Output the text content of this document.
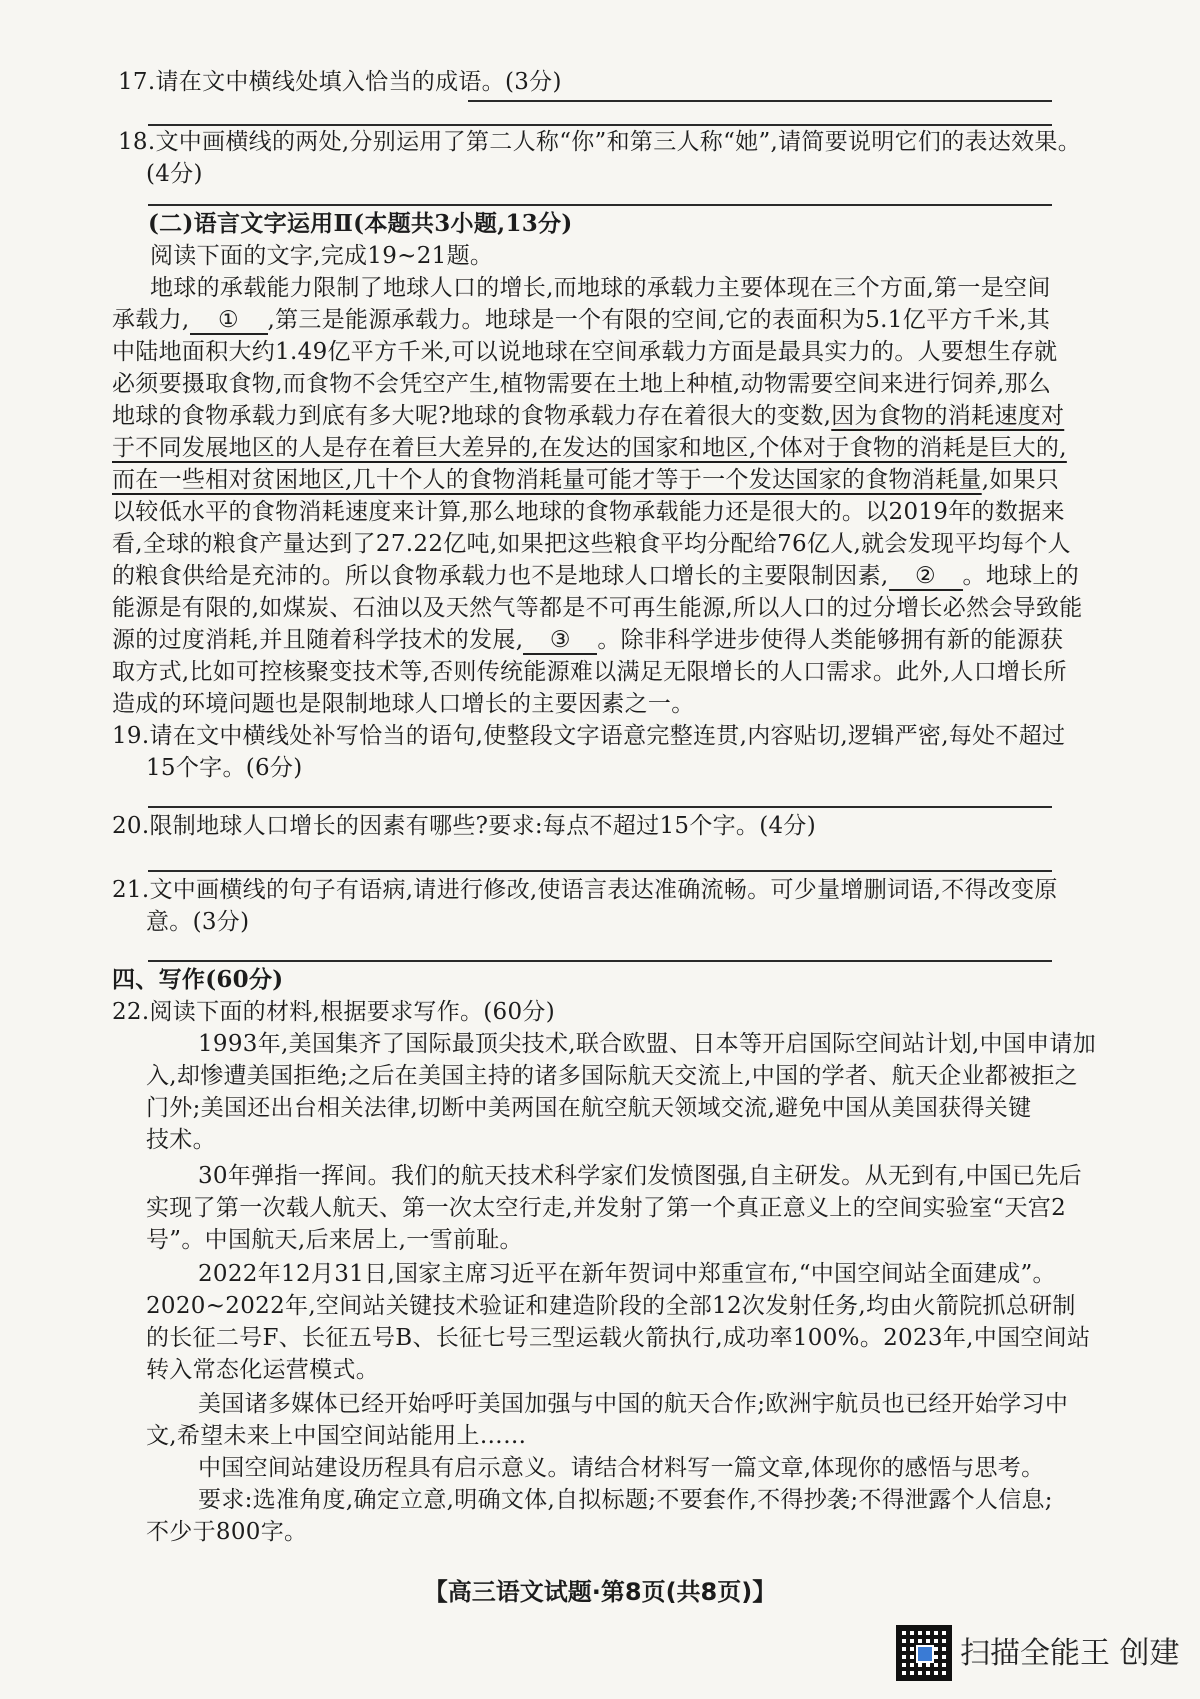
17.请在文中横线处填入恰当的成语。(3分)
18.文中画横线的两处,分别运用了第二人称“你”和第三人称“她”,请简要说明它们的表达效果。
(4分)
(二)语言文字运用Ⅱ(本题共3小题,13分)
阅读下面的文字,完成19~21题。
地球的承载能力限制了地球人口的增长,而地球的承载力主要体现在三个方面,第一是空间
承载力, ① ,第三是能源承载力。地球是一个有限的空间,它的表面积为5.1亿平方千米,其
中陆地面积大约1.49亿平方千米,可以说地球在空间承载力方面是最具实力的。人要想生存就
必须要摄取食物,而食物不会凭空产生,植物需要在土地上种植,动物需要空间来进行饲养,那么
地球的食物承载力到底有多大呢?地球的食物承载力存在着很大的变数,因为食物的消耗速度对
于不同发展地区的人是存在着巨大差异的,在发达的国家和地区,个体对于食物的消耗是巨大的,
而在一些相对贫困地区,几十个人的食物消耗量可能才等于一个发达国家的食物消耗量,如果只
以较低水平的食物消耗速度来计算,那么地球的食物承载能力还是很大的。以2019年的数据来
看,全球的粮食产量达到了27.22亿吨,如果把这些粮食平均分配给76亿人,就会发现平均每个人
的粮食供给是充沛的。所以食物承载力也不是地球人口增长的主要限制因素, ② 。地球上的
能源是有限的,如煤炭、石油以及天然气等都是不可再生能源,所以人口的过分增长必然会导致能
源的过度消耗,并且随着科学技术的发展, ③ 。除非科学进步使得人类能够拥有新的能源获
取方式,比如可控核聚变技术等,否则传统能源难以满足无限增长的人口需求。此外,人口增长所
造成的环境问题也是限制地球人口增长的主要因素之一。
19.请在文中横线处补写恰当的语句,使整段文字语意完整连贯,内容贴切,逻辑严密,每处不超过
15个字。(6分)
20.限制地球人口增长的因素有哪些?要求:每点不超过15个字。(4分)
21.文中画横线的句子有语病,请进行修改,使语言表达准确流畅。可少量增删词语,不得改变原
意。(3分)
四、写作(60分)
22.阅读下面的材料,根据要求写作。(60分)
1993年,美国集齐了国际最顶尖技术,联合欧盟、日本等开启国际空间站计划,中国申请加
入,却惨遭美国拒绝;之后在美国主持的诸多国际航天交流上,中国的学者、航天企业都被拒之
门外;美国还出台相关法律,切断中美两国在航空航天领域交流,避免中国从美国获得关键
技术。
30年弹指一挥间。我们的航天技术科学家们发愤图强,自主研发。从无到有,中国已先后
实现了第一次载人航天、第一次太空行走,并发射了第一个真正意义上的空间实验室“天宫2
号”。中国航天,后来居上,一雪前耻。
2022年12月31日,国家主席习近平在新年贺词中郑重宣布,“中国空间站全面建成”。
2020~2022年,空间站关键技术验证和建造阶段的全部12次发射任务,均由火箭院抓总研制
的长征二号F、长征五号B、长征七号三型运载火箭执行,成功率100%。2023年,中国空间站
转入常态化运营模式。
美国诸多媒体已经开始呼吁美国加强与中国的航天合作;欧洲宇航员也已经开始学习中
文,希望未来上中国空间站能用上……
中国空间站建设历程具有启示意义。请结合材料写一篇文章,体现你的感悟与思考。
【高三语文试题·第8页(共8页)】
扫描全能王 创建
要求:选准角度,确定立意,明确文体,自拟标题;不要套作,不得抄袭;不得泄露个人信息;
不少于800字。
